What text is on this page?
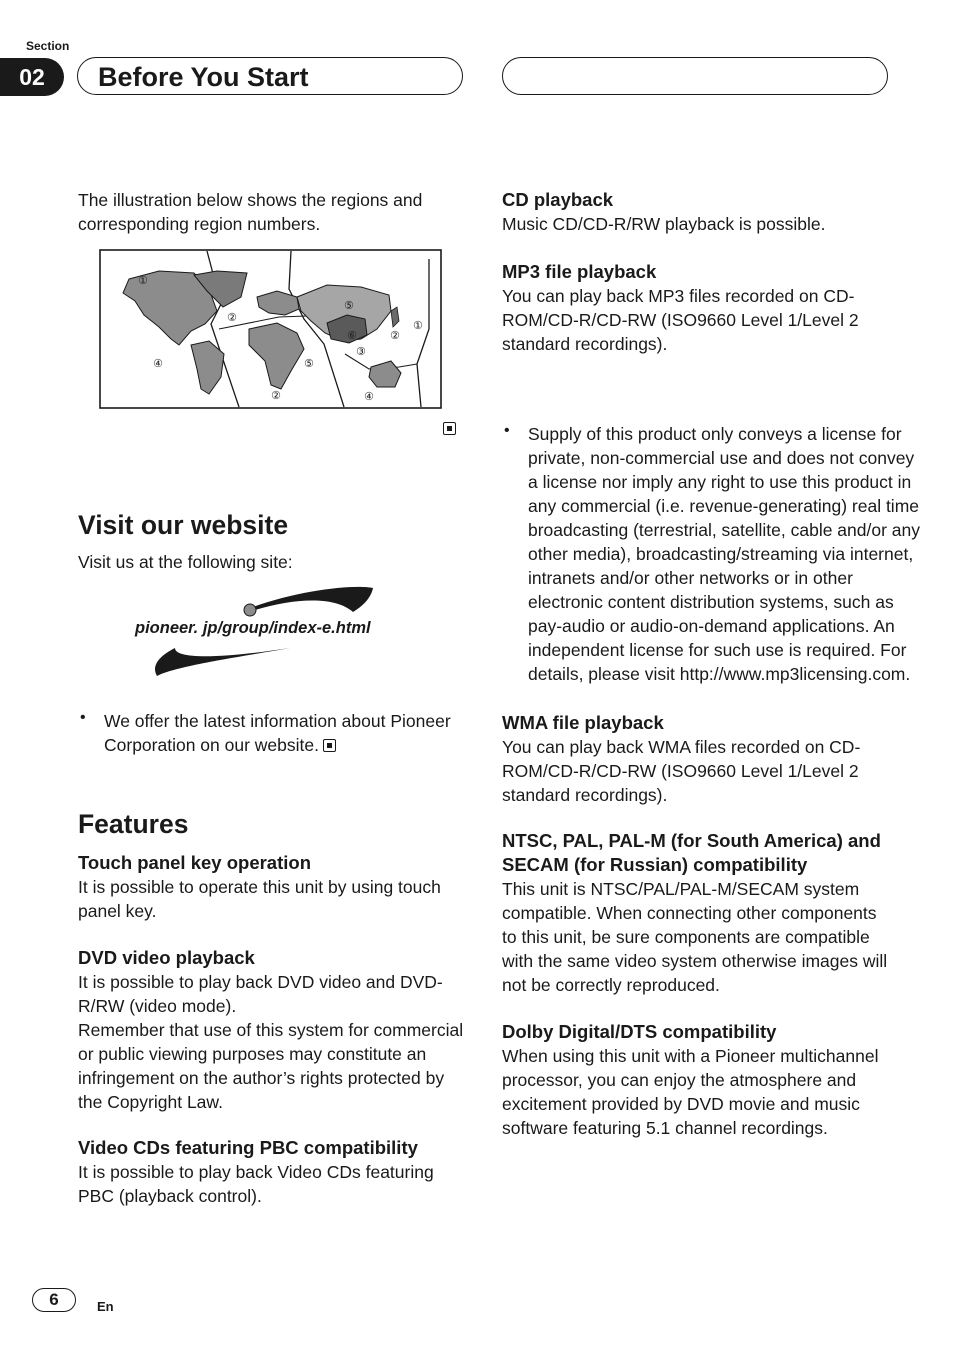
Section
02	Before You Start

The illustration below shows the regions and corresponding region numbers.

①
②
⑤
⑥
③
②
①
④	⑤
②	④
Visit our website

Visit us at the following site:

pioneer. jp/group/index-e.html
• We offer the latest information about Pioneer Corporation on our website.
Features
Touch panel key operation

It is possible to operate this unit by using touch panel key.

DVD video playback

It is possible to play back DVD video and DVD-R/RW (video mode).

Remember that use of this system for commercial or public viewing purposes may constitute an infringement on the author’s rights protected by the Copyright Law.

Video CDs featuring PBC compatibility

It is possible to play back Video CDs featuring PBC (playback control).

CD playback

Music CD/CD-R/RW playback is possible.

MP3 file playback

You can play back MP3 files recorded on CD-ROM/CD-R/CD-RW (ISO9660 Level 1/Level 2 standard recordings).

• Supply of this product only conveys a license for private, non-commercial use and does not convey a license nor imply any right to use this product in any commercial (i.e. revenue-generating) real time broadcasting (terrestrial, satellite, cable and/or any other media), broadcasting/streaming via internet, intranets and/or other networks or in other electronic content distribution systems, such as pay-audio or audio-on-demand applications. An independent license for such use is required. For details, please visit http://www.mp3licensing.com.
WMA file playback

You can play back WMA files recorded on CD-ROM/CD-R/CD-RW (ISO9660 Level 1/Level 2 standard recordings).

NTSC, PAL, PAL-M (for South America) and SECAM (for Russian) compatibility

This unit is NTSC/PAL/PAL-M/SECAM system compatible. When connecting other components to this unit, be sure components are compatible with the same video system otherwise images will not be correctly reproduced.

Dolby Digital/DTS compatibility

When using this unit with a Pioneer multichannel processor, you can enjoy the atmosphere and excitement provided by DVD movie and music software featuring 5.1 channel recordings.

6	En
